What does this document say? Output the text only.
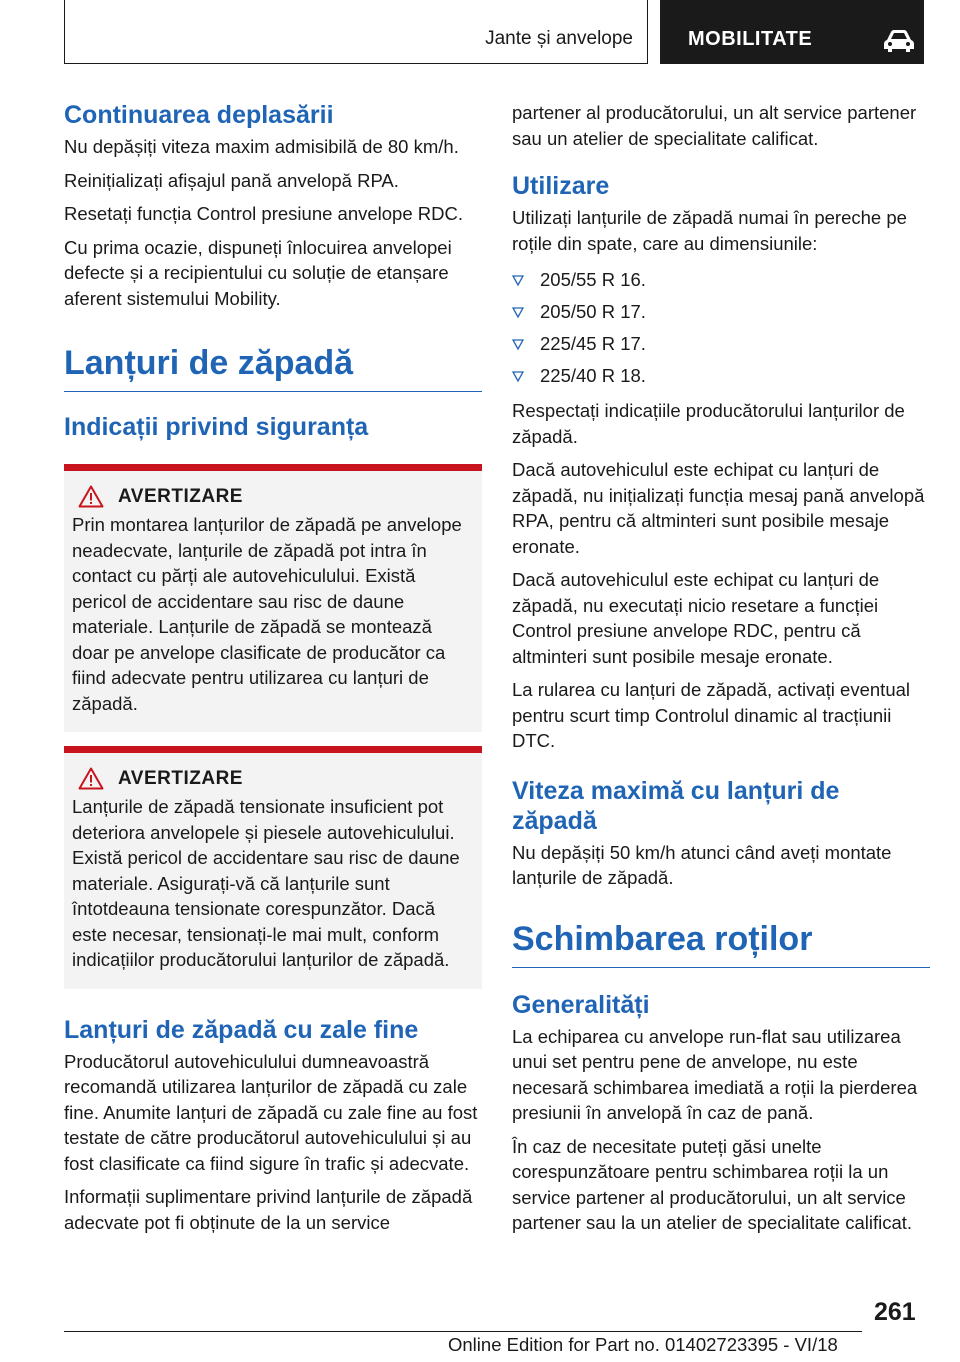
Jante și anvelope	MOBILITATE
Continuarea deplasării

Nu depășiți viteza maxim admisibilă de 80 km/h.

Reinițializați afișajul pană anvelopă RPA.

Resetați funcția Control presiune anvelope RDC.

Cu prima ocazie, dispuneți înlocuirea anvelopei defecte și a recipientului cu soluție de etanșare aferent sistemului Mobility.

Lanțuri de zăpadă
Indicații privind siguranța
AVERTIZARE

Prin montarea lanțurilor de zăpadă pe anvelope neadecvate, lanțurile de zăpadă pot intra în contact cu părți ale autovehiculului. Există pericol de accidentare sau risc de daune materiale. Lanțurile de zăpadă se montează doar pe anvelope clasificate de producător ca fiind adecvate pentru utilizarea cu lanțuri de zăpadă.

AVERTIZARE

Lanțurile de zăpadă tensionate insuficient pot deteriora anvelopele și piesele autovehiculului. Există pericol de accidentare sau risc de daune materiale. Asigurați-vă că lanțurile sunt întotdeauna tensionate corespunzător. Dacă este necesar, tensionați-le mai mult, conform indicațiilor producătorului lanțurilor de zăpadă.

Lanțuri de zăpadă cu zale fine

Producătorul autovehiculului dumneavoastră recomandă utilizarea lanțurilor de zăpadă cu zale fine. Anumite lanțuri de zăpadă cu zale fine au fost testate de către producătorul autovehiculului și au fost clasificate ca fiind sigure în trafic și adecvate.

Informații suplimentare privind lanțurile de zăpadă adecvate pot fi obținute de la un service

partener al producătorului, un alt service partener sau un atelier de specialitate calificat.

Utilizare

Utilizați lanțurile de zăpadă numai în pereche pe roțile din spate, care au dimensiunile:

205/55 R 16.
205/50 R 17.
225/45 R 17.
225/40 R 18.

Respectați indicațiile producătorului lanțurilor de zăpadă.

Dacă autovehiculul este echipat cu lanțuri de zăpadă, nu inițializați funcția mesaj pană anvelopă RPA, pentru că altminteri sunt posibile mesaje eronate.

Dacă autovehiculul este echipat cu lanțuri de zăpadă, nu executați nicio resetare a funcției Control presiune anvelope RDC, pentru că altminteri sunt posibile mesaje eronate.

La rularea cu lanțuri de zăpadă, activați eventual pentru scurt timp Controlul dinamic al tracțiunii DTC.

Viteza maximă cu lanțuri de zăpadă

Nu depășiți 50 km/h atunci când aveți montate lanțurile de zăpadă.

Schimbarea roților
Generalități

La echiparea cu anvelope run-flat sau utilizarea unui set pentru pene de anvelope, nu este necesară schimbarea imediată a roții la pierderea presiunii în anvelopă în caz de pană.

În caz de necesitate puteți găsi unelte corespunzătoare pentru schimbarea roții la un service partener al producătorului, un alt service partener sau la un atelier de specialitate calificat.

261
Online Edition for Part no. 01402723395 - VI/18
